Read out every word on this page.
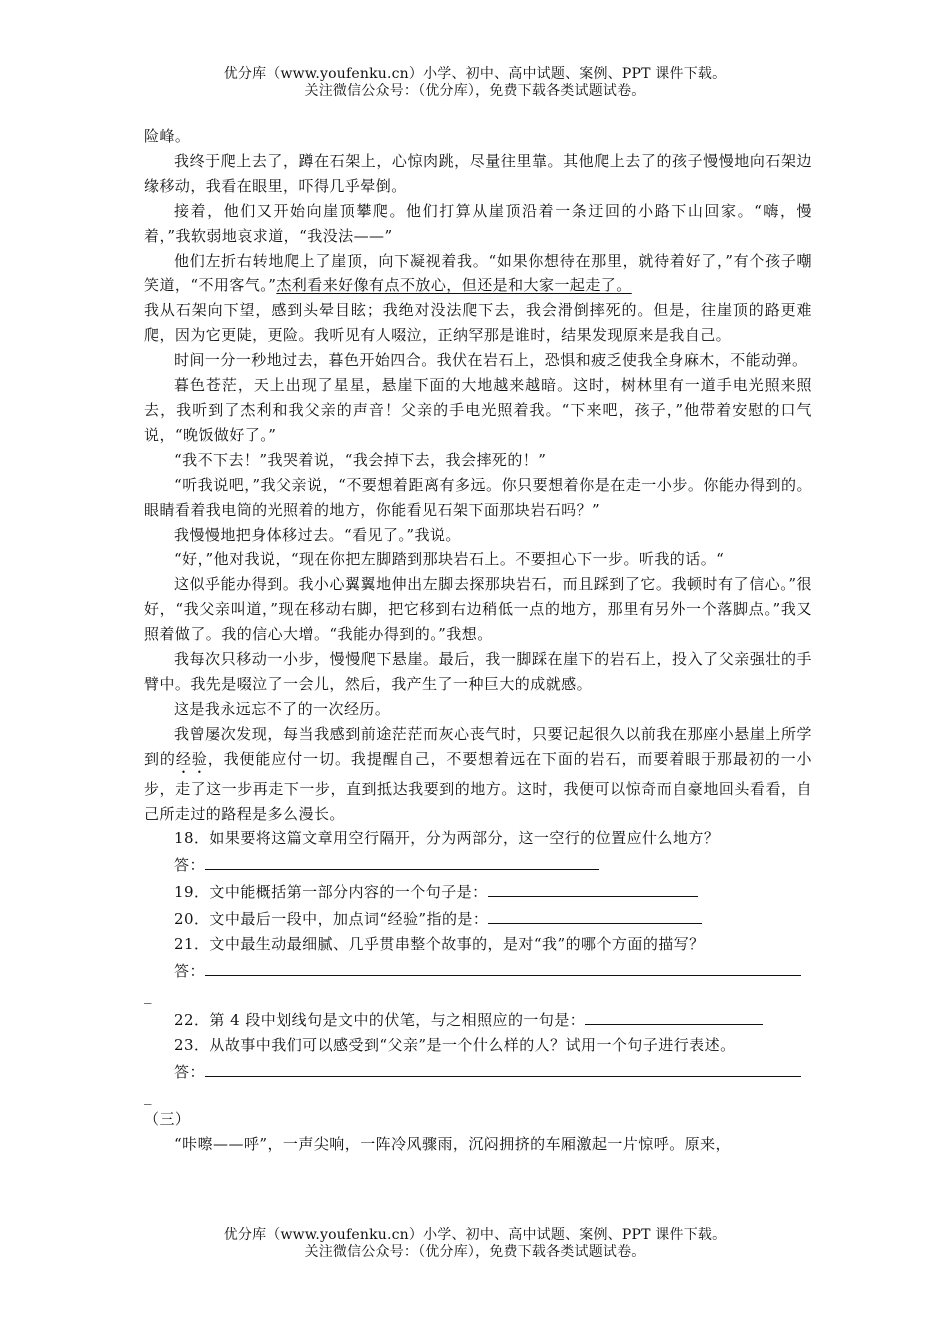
优分库（www.youfenku.cn）小学、初中、高中试题、案例、PPT 课件下载。
关注微信公众号：（优分库），免费下载各类试题试卷。

险峰。

我终于爬上去了，蹲在石架上，心惊肉跳，尽量往里靠。其他爬上去了的孩子慢慢地向石架边缘移动，我看在眼里，吓得几乎晕倒。

接着，他们又开始向崖顶攀爬。他们打算从崖顶沿着一条迂回的小路下山回家。“嗨，慢着，”我软弱地哀求道，“我没法——”

他们左折右转地爬上了崖顶，向下凝视着我。“如果你想待在那里，就待着好了，”有个孩子嘲笑道，“不用客气。”杰利看来好像有点不放心，但还是和大家一起走了。

我从石架向下望，感到头晕目眩；我绝对没法爬下去，我会滑倒摔死的。但是，往崖顶的路更难爬，因为它更陡，更险。我听见有人啜泣，正纳罕那是谁时，结果发现原来是我自己。

时间一分一秒地过去，暮色开始四合。我伏在岩石上，恐惧和疲乏使我全身麻木，不能动弹。

暮色苍茫，天上出现了星星，悬崖下面的大地越来越暗。这时，树林里有一道手电光照来照去，我听到了杰利和我父亲的声音！父亲的手电光照着我。“下来吧，孩子，”他带着安慰的口气说，“晚饭做好了。”

“我不下去！”我哭着说，“我会掉下去，我会摔死的！”

“听我说吧，”我父亲说，“不要想着距离有多远。你只要想着你是在走一小步。你能办得到的。眼睛看着我电筒的光照着的地方，你能看见石架下面那块岩石吗？”

我慢慢地把身体移过去。“看见了。”我说。

“好，”他对我说，“现在你把左脚踏到那块岩石上。不要担心下一步。听我的话。“

这似乎能办得到。我小心翼翼地伸出左脚去探那块岩石，而且踩到了它。我顿时有了信心。”很好，“我父亲叫道，”现在移动右脚，把它移到右边稍低一点的地方，那里有另外一个落脚点。”我又照着做了。我的信心大增。“我能办得到的。”我想。

我每次只移动一小步，慢慢爬下悬崖。最后，我一脚踩在崖下的岩石上，投入了父亲强壮的手臂中。我先是啜泣了一会儿，然后，我产生了一种巨大的成就感。

这是我永远忘不了的一次经历。

我曾屡次发现，每当我感到前途茫茫而灰心丧气时，只要记起很久以前我在那座小悬崖上所学到的经验，我便能应付一切。我提醒自己，不要想着远在下面的岩石，而要着眼于那最初的一小步，走了这一步再走下一步，直到抵达我要到的地方。这时，我便可以惊奇而自豪地回头看看，自己所走过的路程是多么漫长。

18．如果要将这篇文章用空行隔开，分为两部分，这一空行的位置应什么地方？

答：

19．文中能概括第一部分内容的一个句子是：

20．文中最后一段中，加点词“经验”指的是：

21．文中最生动最细腻、几乎贯串整个故事的，是对“我”的哪个方面的描写？

答：

_

22．第 4 段中划线句是文中的伏笔，与之相照应的一句是：

23．从故事中我们可以感受到“父亲”是一个什么样的人？试用一个句子进行表述。

答：

_

（三）

“咔嚓——呼”，一声尖响，一阵冷风骤雨，沉闷拥挤的车厢激起一片惊呼。原来，

优分库（www.youfenku.cn）小学、初中、高中试题、案例、PPT 课件下载。
关注微信公众号：（优分库），免费下载各类试题试卷。
